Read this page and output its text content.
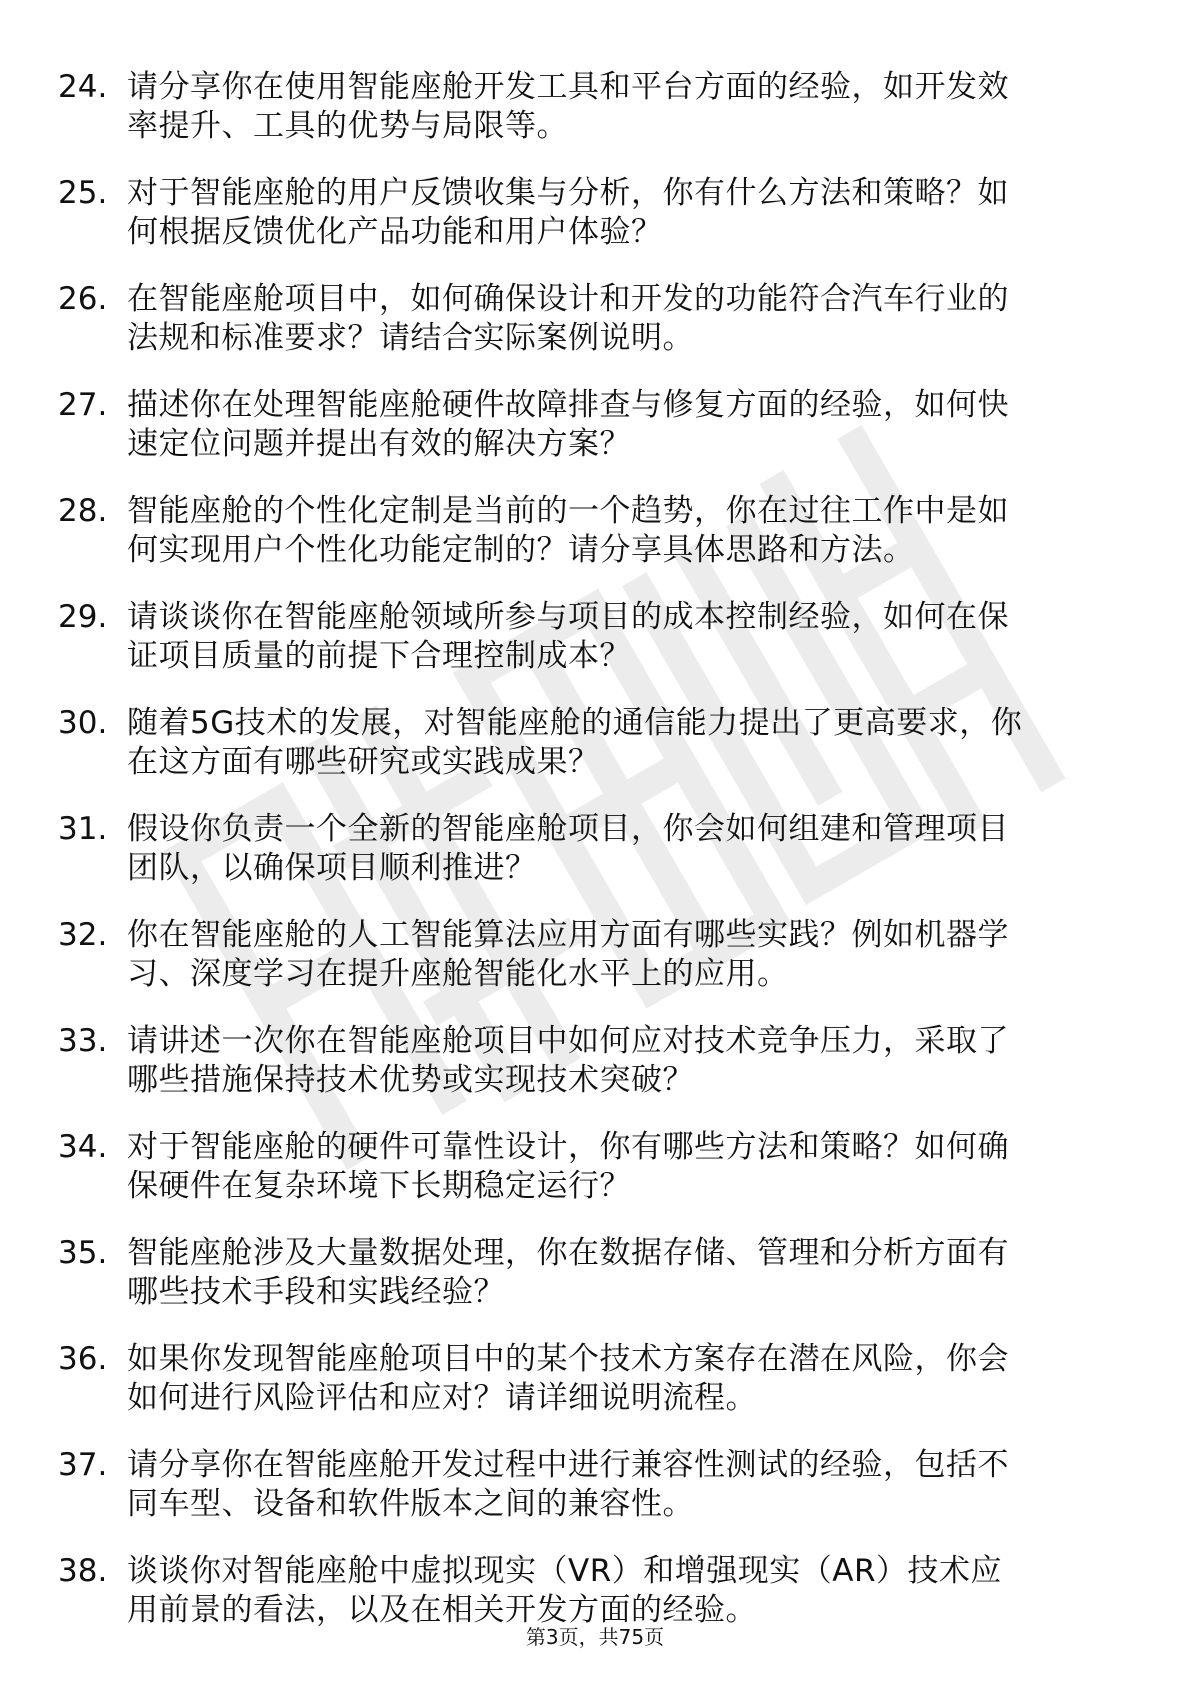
24. 请分享你在使用智能座舱开发工具和平台方面的经验，如开发效
率提升、工具的优势与局限等。
25. 对于智能座舱的用户反馈收集与分析，你有什么方法和策略？如
何根据反馈优化产品功能和用户体验？
26. 在智能座舱项目中，如何确保设计和开发的功能符合汽车行业的
法规和标准要求？请结合实际案例说明。
27. 描述你在处理智能座舱硬件故障排查与修复方面的经验，如何快
速定位问题并提出有效的解决方案？
28. 智能座舱的个性化定制是当前的一个趋势，你在过往工作中是如
何实现用户个性化功能定制的？请分享具体思路和方法。
29. 请谈谈你在智能座舱领域所参与项目的成本控制经验，如何在保
证项目质量的前提下合理控制成本？
30. 随着5G技术的发展，对智能座舱的通信能力提出了更高要求，你
在这方面有哪些研究或实践成果？
31. 假设你负责一个全新的智能座舱项目，你会如何组建和管理项目
团队，以确保项目顺利推进？
32. 你在智能座舱的人工智能算法应用方面有哪些实践？例如机器学
习、深度学习在提升座舱智能化水平上的应用。
33. 请讲述一次你在智能座舱项目中如何应对技术竞争压力，采取了
哪些措施保持技术优势或实现技术突破？
34. 对于智能座舱的硬件可靠性设计，你有哪些方法和策略？如何确
保硬件在复杂环境下长期稳定运行？
35. 智能座舱涉及大量数据处理，你在数据存储、管理和分析方面有
哪些技术手段和实践经验？
36. 如果你发现智能座舱项目中的某个技术方案存在潜在风险，你会
如何进行风险评估和应对？请详细说明流程。
37. 请分享你在智能座舱开发过程中进行兼容性测试的经验，包括不
同车型、设备和软件版本之间的兼容性。
38. 谈谈你对智能座舱中虚拟现实（VR）和增强现实（AR）技术应
用前景的看法，以及在相关开发方面的经验。
第3页，共75页
